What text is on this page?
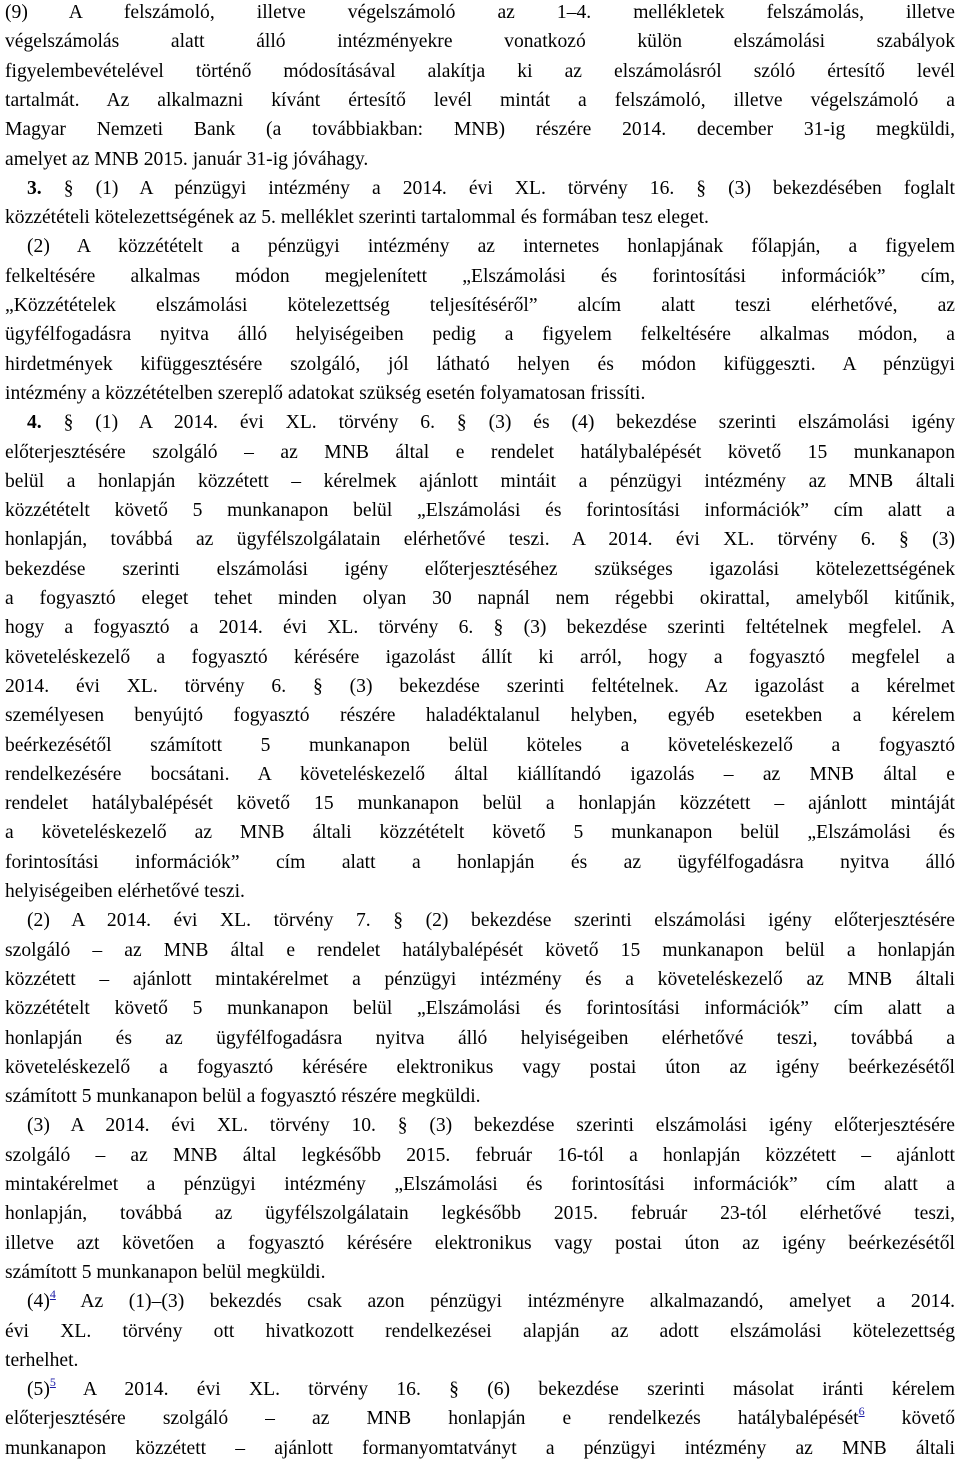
(9) A felszámoló, illetve végelszámoló az 1–4. mellékletek felszámolás, illetve
végelszámolás alatt álló intézményekre vonatkozó külön elszámolási szabályok
figyelembevételével történő módosításával alakítja ki az elszámolásról szóló értesítő levél
tartalmát. Az alkalmazni kívánt értesítő levél mintát a felszámoló, illetve végelszámoló a
Magyar Nemzeti Bank (a továbbiakban: MNB) részére 2014. december 31-ig megküldi,
amelyet az MNB 2015. január 31-ig jóváhagy.
3. § (1) A pénzügyi intézmény a 2014. évi XL. törvény 16. § (3) bekezdésében foglalt
közzétételi kötelezettségének az 5. melléklet szerinti tartalommal és formában tesz eleget.
(2) A közzétételt a pénzügyi intézmény az internetes honlapjának főlapján, a figyelem
felkeltésére alkalmas módon megjelenített „Elszámolási és forintosítási információk” cím,
„Közzétételek elszámolási kötelezettség teljesítéséről” alcím alatt teszi elérhetővé, az
ügyfélfogadásra nyitva álló helyiségeiben pedig a figyelem felkeltésére alkalmas módon, a
hirdetmények kifüggesztésére szolgáló, jól látható helyen és módon kifüggeszti. A pénzügyi
intézmény a közzétételben szereplő adatokat szükség esetén folyamatosan frissíti.
4. § (1) A 2014. évi XL. törvény 6. § (3) és (4) bekezdése szerinti elszámolási igény
előterjesztésére szolgáló – az MNB által e rendelet hatálybalépését követő 15 munkanapon
belül a honlapján közzétett – kérelmek ajánlott mintáit a pénzügyi intézmény az MNB általi
közzétételt követő 5 munkanapon belül „Elszámolási és forintosítási információk” cím alatt a
honlapján, továbbá az ügyfélszolgálatain elérhetővé teszi. A 2014. évi XL. törvény 6. § (3)
bekezdése szerinti elszámolási igény előterjesztéséhez szükséges igazolási kötelezettségének
a fogyasztó eleget tehet minden olyan 30 napnál nem régebbi okirattal, amelyből kitűnik,
hogy a fogyasztó a 2014. évi XL. törvény 6. § (3) bekezdése szerinti feltételnek megfelel. A
követeléskezelő a fogyasztó kérésére igazolást állít ki arról, hogy a fogyasztó megfelel a
2014. évi XL. törvény 6. § (3) bekezdése szerinti feltételnek. Az igazolást a kérelmet
személyesen benyújtó fogyasztó részére haladéktalanul helyben, egyéb esetekben a kérelem
beérkezésétől számított 5 munkanapon belül köteles a követeléskezelő a fogyasztó
rendelkezésére bocsátani. A követeléskezelő által kiállítandó igazolás – az MNB által e
rendelet hatálybalépését követő 15 munkanapon belül a honlapján közzétett – ajánlott mintáját
a követeléskezelő az MNB általi közzétételt követő 5 munkanapon belül „Elszámolási és
forintosítási információk” cím alatt a honlapján és az ügyfélfogadásra nyitva álló
helyiségeiben elérhetővé teszi.
(2) A 2014. évi XL. törvény 7. § (2) bekezdése szerinti elszámolási igény előterjesztésére
szolgáló – az MNB által e rendelet hatálybalépését követő 15 munkanapon belül a honlapján
közzétett – ajánlott mintakérelmet a pénzügyi intézmény és a követeléskezelő az MNB általi
közzétételt követő 5 munkanapon belül „Elszámolási és forintosítási információk” cím alatt a
honlapján és az ügyfélfogadásra nyitva álló helyiségeiben elérhetővé teszi, továbbá a
követeléskezelő a fogyasztó kérésére elektronikus vagy postai úton az igény beérkezésétől
számított 5 munkanapon belül a fogyasztó részére megküldi.
(3) A 2014. évi XL. törvény 10. § (3) bekezdése szerinti elszámolási igény előterjesztésére
szolgáló – az MNB által legkésőbb 2015. február 16-tól a honlapján közzétett – ajánlott
mintakérelmet a pénzügyi intézmény „Elszámolási és forintosítási információk” cím alatt a
honlapján, továbbá az ügyfélszolgálatain legkésőbb 2015. február 23-tól elérhetővé teszi,
illetve azt követően a fogyasztó kérésére elektronikus vagy postai úton az igény beérkezésétől
számított 5 munkanapon belül megküldi.
(4)$^4$ Az (1)–(3) bekezdés csak azon pénzügyi intézményre alkalmazandó, amelyet a 2014.
évi XL. törvény ott hivatkozott rendelkezései alapján az adott elszámolási kötelezettség
terhelhet.
(5)$^5$ A 2014. évi XL. törvény 16. § (6) bekezdése szerinti másolat iránti kérelem
előterjesztésére szolgáló – az MNB honlapján e rendelkezés hatálybalépését$^6$ követő
munkanapon közzétett – ajánlott formanyomtatványt a pénzügyi intézmény az MNB általi
